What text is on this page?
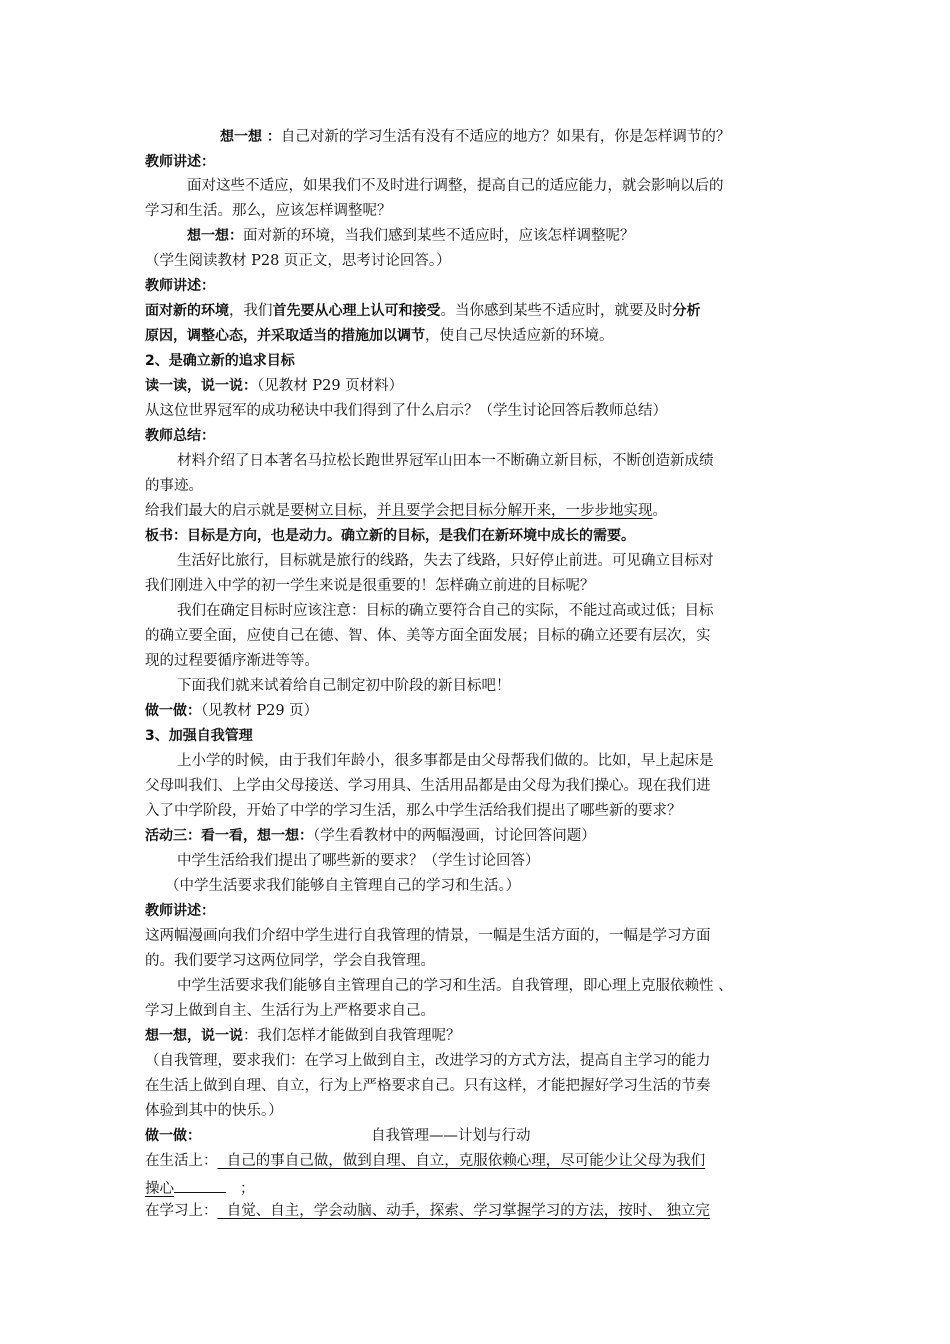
想一想 ：自己对新的学习生活有没有不适应的地方？如果有，你是怎样调节的？
教师讲述：
面对这些不适应，如果我们不及时进行调整，提高自己的适应能力，就会影响以后的
学习和生活。那么，应该怎样调整呢？
想一想：面对新的环境，当我们感到某些不适应时，应该怎样调整呢？
（学生阅读教材 P28 页正文，思考讨论回答。）
教师讲述：
面对新的环境，我们首先要从心理上认可和接受。当你感到某些不适应时，就要及时分析
原因，调整心态，并采取适当的措施加以调节，使自己尽快适应新的环境。
2、是确立新的追求目标
读一读，说一说：（见教材 P29 页材料）
从这位世界冠军的成功秘诀中我们得到了什么启示？（学生讨论回答后教师总结）
教师总结：
材料介绍了日本著名马拉松长跑世界冠军山田本一不断确立新目标，不断创造新成绩
的事迹。
给我们最大的启示就是要树立目标，并且要学会把目标分解开来，一步步地实现。
板书：目标是方向，也是动力。确立新的目标，是我们在新环境中成长的需要。
生活好比旅行，目标就是旅行的线路，失去了线路，只好停止前进。可见确立目标对
我们刚进入中学的初一学生来说是很重要的！怎样确立前进的目标呢？
我们在确定目标时应该注意：目标的确立要符合自己的实际，不能过高或过低；目标
的确立要全面，应使自己在德、智、体、美等方面全面发展；目标的确立还要有层次，实
现的过程要循序渐进等等。
下面我们就来试着给自己制定初中阶段的新目标吧！
做一做：（见教材 P29 页）
3、加强自我管理
上小学的时候，由于我们年龄小，很多事都是由父母帮我们做的。比如，早上起床是
父母叫我们、上学由父母接送、学习用具、生活用品都是由父母为我们操心。现在我们进
入了中学阶段，开始了中学的学习生活，那么中学生活给我们提出了哪些新的要求？
活动三：看一看，想一想：（学生看教材中的两幅漫画，讨论回答问题）
中学生活给我们提出了哪些新的要求？（学生讨论回答）
（中学生活要求我们能够自主管理自己的学习和生活。）
教师讲述：
这两幅漫画向我们介绍中学生进行自我管理的情景，一幅是生活方面的，一幅是学习方面
的。我们要学习这两位同学，学会自我管理。
中学生活要求我们能够自主管理自己的学习和生活。自我管理，即心理上克服依赖性 、
学习上做到自主、生活行为上严格要求自己。
想一想，说一说：我们怎样才能做到自我管理呢？
（自我管理，要求我们：在学习上做到自主，改进学习的方式方法，提高自主学习的能力
在生活上做到自理、自立，行为上严格要求自己。只有这样，才能把握好学习生活的节奏
体验到其中的快乐。）
做一做：	自我管理——计划与行动
在生活上：  自己的事自己做，做到自理、自立，克服依赖心理，尽可能少让父母为我们
操心	；
在学习上：  自觉、自主，学会动脑、动手，探索、学习掌握学习的方法，按时、 独立完
